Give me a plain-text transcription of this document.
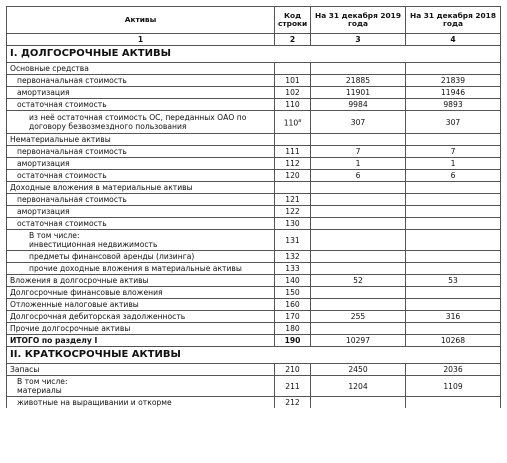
Активы	Код строки	На 31 декабря 2019 года	На 31 декабря 2018 года
1	2	3	4
I. ДОЛГОСРОЧНЫЕ АКТИВЫ			
Основные средства			
первоначальная стоимость	101	21885	21839
амортизация	102	11901	11946
остаточная стоимость	110	9984	9893
из неё остаточная стоимость ОС, переданных ОАО по договору безвозмездного пользования	$110^а$	307	307
Нематериальные активы			
первоначальная стоимость	111	7	7
амортизация	112	1	1
остаточная стоимость	120	6	6
Доходные вложения в материальные активы			
первоначальная стоимость	121		
амортизация	122		
остаточная стоимость	130		

В том числе:
инвестиционная недвижимость	131		
предметы финансовой аренды (лизинга)	132		
прочие доходные вложения в материальные активы	133		
Вложения в долгосрочные активы	140	52	53
Долгосрочные финансовые вложения	150		
Отложенные налоговые активы	160		
Долгосрочная дебиторская задолженность	170	255	316
Прочие долгосрочные активы	180		
ИТОГО по разделу I	190	10297	10268
II. КРАТКОСРОЧНЫЕ АКТИВЫ			
Запасы	210	2450	2036

В том числе:
материалы	211	1204	1109
животные на выращивании и откорме	212		
